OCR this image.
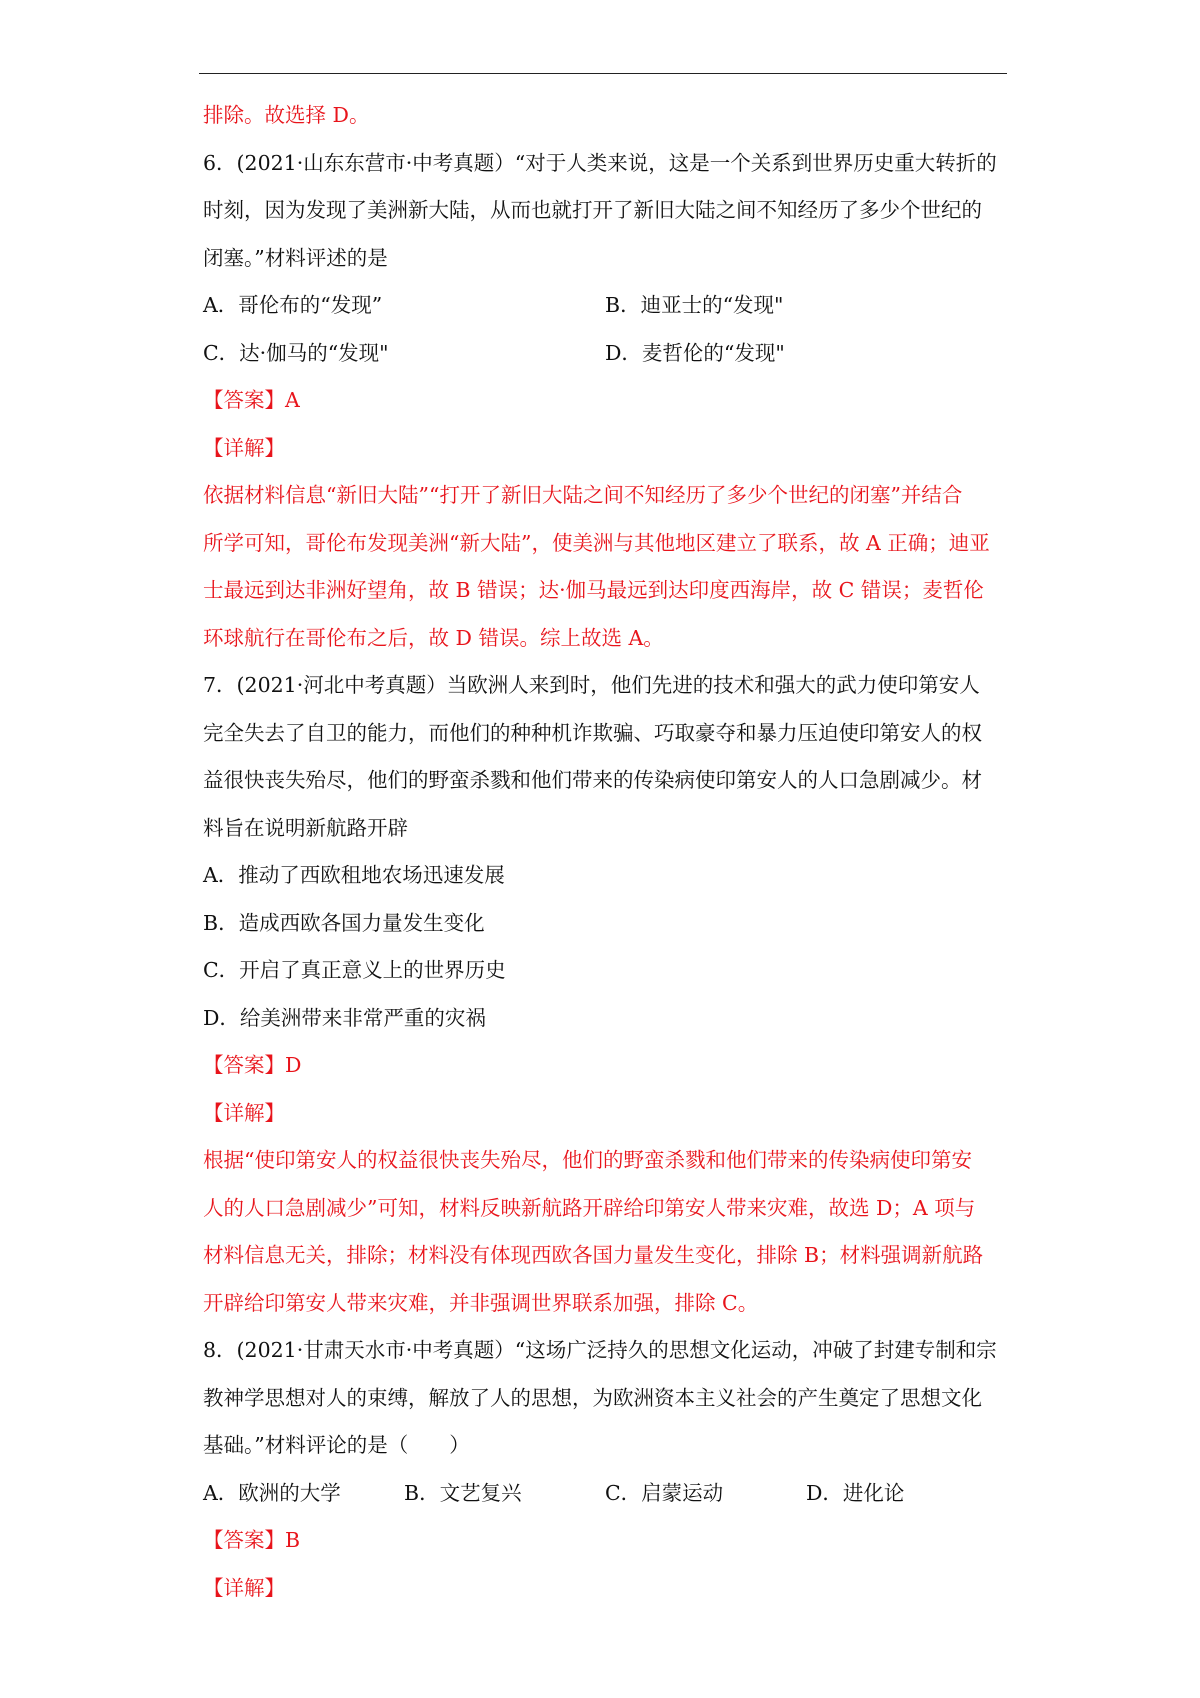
排除。故选择 D。
6．(2021·山东东营市·中考真题）“对于人类来说，这是一个关系到世界历史重大转折的
时刻，因为发现了美洲新大陆，从而也就打开了新旧大陆之间不知经历了多少个世纪的
闭塞。”材料评述的是
A．哥伦布的“发现”	B．迪亚士的“发现"
C．达·伽马的“发现"	D．麦哲伦的“发现"
【答案】A
【详解】
依据材料信息“新旧大陆”“打开了新旧大陆之间不知经历了多少个世纪的闭塞”并结合
所学可知，哥伦布发现美洲“新大陆”，使美洲与其他地区建立了联系，故 A 正确；迪亚
士最远到达非洲好望角，故 B 错误；达·伽马最远到达印度西海岸，故 C 错误；麦哲伦
环球航行在哥伦布之后，故 D 错误。综上故选 A。
7．(2021·河北中考真题）当欧洲人来到时，他们先进的技术和强大的武力使印第安人
完全失去了自卫的能力，而他们的种种机诈欺骗、巧取豪夺和暴力压迫使印第安人的权
益很快丧失殆尽，他们的野蛮杀戮和他们带来的传染病使印第安人的人口急剧减少。材
料旨在说明新航路开辟
A．推动了西欧租地农场迅速发展
B．造成西欧各国力量发生变化
C．开启了真正意义上的世界历史
D．给美洲带来非常严重的灾祸
【答案】D
【详解】
根据“使印第安人的权益很快丧失殆尽，他们的野蛮杀戮和他们带来的传染病使印第安
人的人口急剧减少”可知，材料反映新航路开辟给印第安人带来灾难，故选 D；A 项与
材料信息无关，排除；材料没有体现西欧各国力量发生变化，排除 B；材料强调新航路
开辟给印第安人带来灾难，并非强调世界联系加强，排除 C。
8．(2021·甘肃天水市·中考真题）“这场广泛持久的思想文化运动，冲破了封建专制和宗
教神学思想对人的束缚，解放了人的思想，为欧洲资本主义社会的产生奠定了思想文化
基础。”材料评论的是（　　）
A．欧洲的大学	B．文艺复兴	C．启蒙运动	D．进化论
【答案】B
【详解】
